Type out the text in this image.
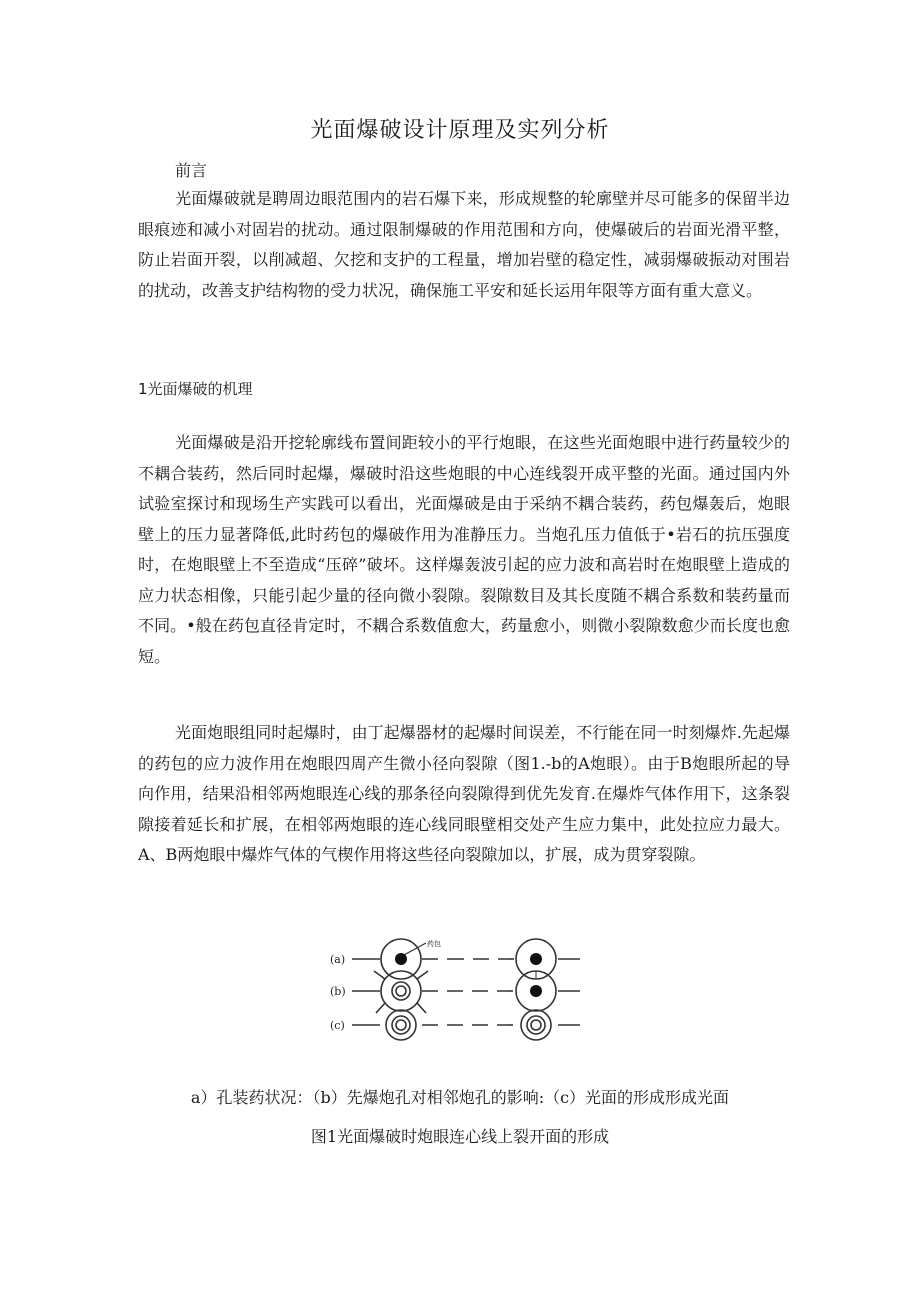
光面爆破设计原理及实列分析

前言

光面爆破就是聘周边眼范围内的岩石爆下来，形成规整的轮廓壁并尽可能多的保留半边眼痕迹和减小对固岩的扰动。通过限制爆破的作用范围和方向，使爆破后的岩面光滑平整，防止岩面开裂，以削减超、欠挖和支护的工程量，增加岩壁的稳定性，减弱爆破振动对围岩的扰动，改善支护结构物的受力状况，确保施工平安和延长运用年限等方面有重大意义。

1光面爆破的机理

光面爆破是沿开挖轮廓线布置间距较小的平行炮眼，在这些光面炮眼中进行药量较少的不耦合装药，然后同时起爆，爆破时沿这些炮眼的中心连线裂开成平整的光面。通过国内外试验室探讨和现场生产实践可以看出，光面爆破是由于采纳不耦合装药，药包爆轰后，炮眼壁上的压力显著降低,此时药包的爆破作用为准静压力。当炮孔压力值低于•岩石的抗压强度时，在炮眼壁上不至造成“压碎”破坏。这样爆轰波引起的应力波和高岩时在炮眼壁上造成的应力状态相像，只能引起少量的径向微小裂隙。裂隙数目及其长度随不耦合系数和装药量而不同。•般在药包直径肯定时，不耦合系数值愈大，药量愈小，则微小裂隙数愈少而长度也愈短。

光面炮眼组同时起爆时，由丁起爆器材的起爆时间误差，不行能在同一时刻爆炸.先起爆的药包的应力波作用在炮眼四周产生微小径向裂隙（图1.-b的A炮眼）。由于B炮眼所起的导向作用，结果沿相邻两炮眼连心线的那条径向裂隙得到优先发育.在爆炸气体作用下，这条裂隙接着延长和扩展，在相邻两炮眼的连心线同眼壁相交处产生应力集中，此处拉应力最大。A、B两炮眼中爆炸气体的气楔作用将这些径向裂隙加以，扩展，成为贯穿裂隙。

(a)
(b)
(c)
药包

a）孔装药状况：（b）先爆炮孔对相邻炮孔的影响:（c）光面的形成形成光面

图1光面爆破时炮眼连心线上裂开面的形成
